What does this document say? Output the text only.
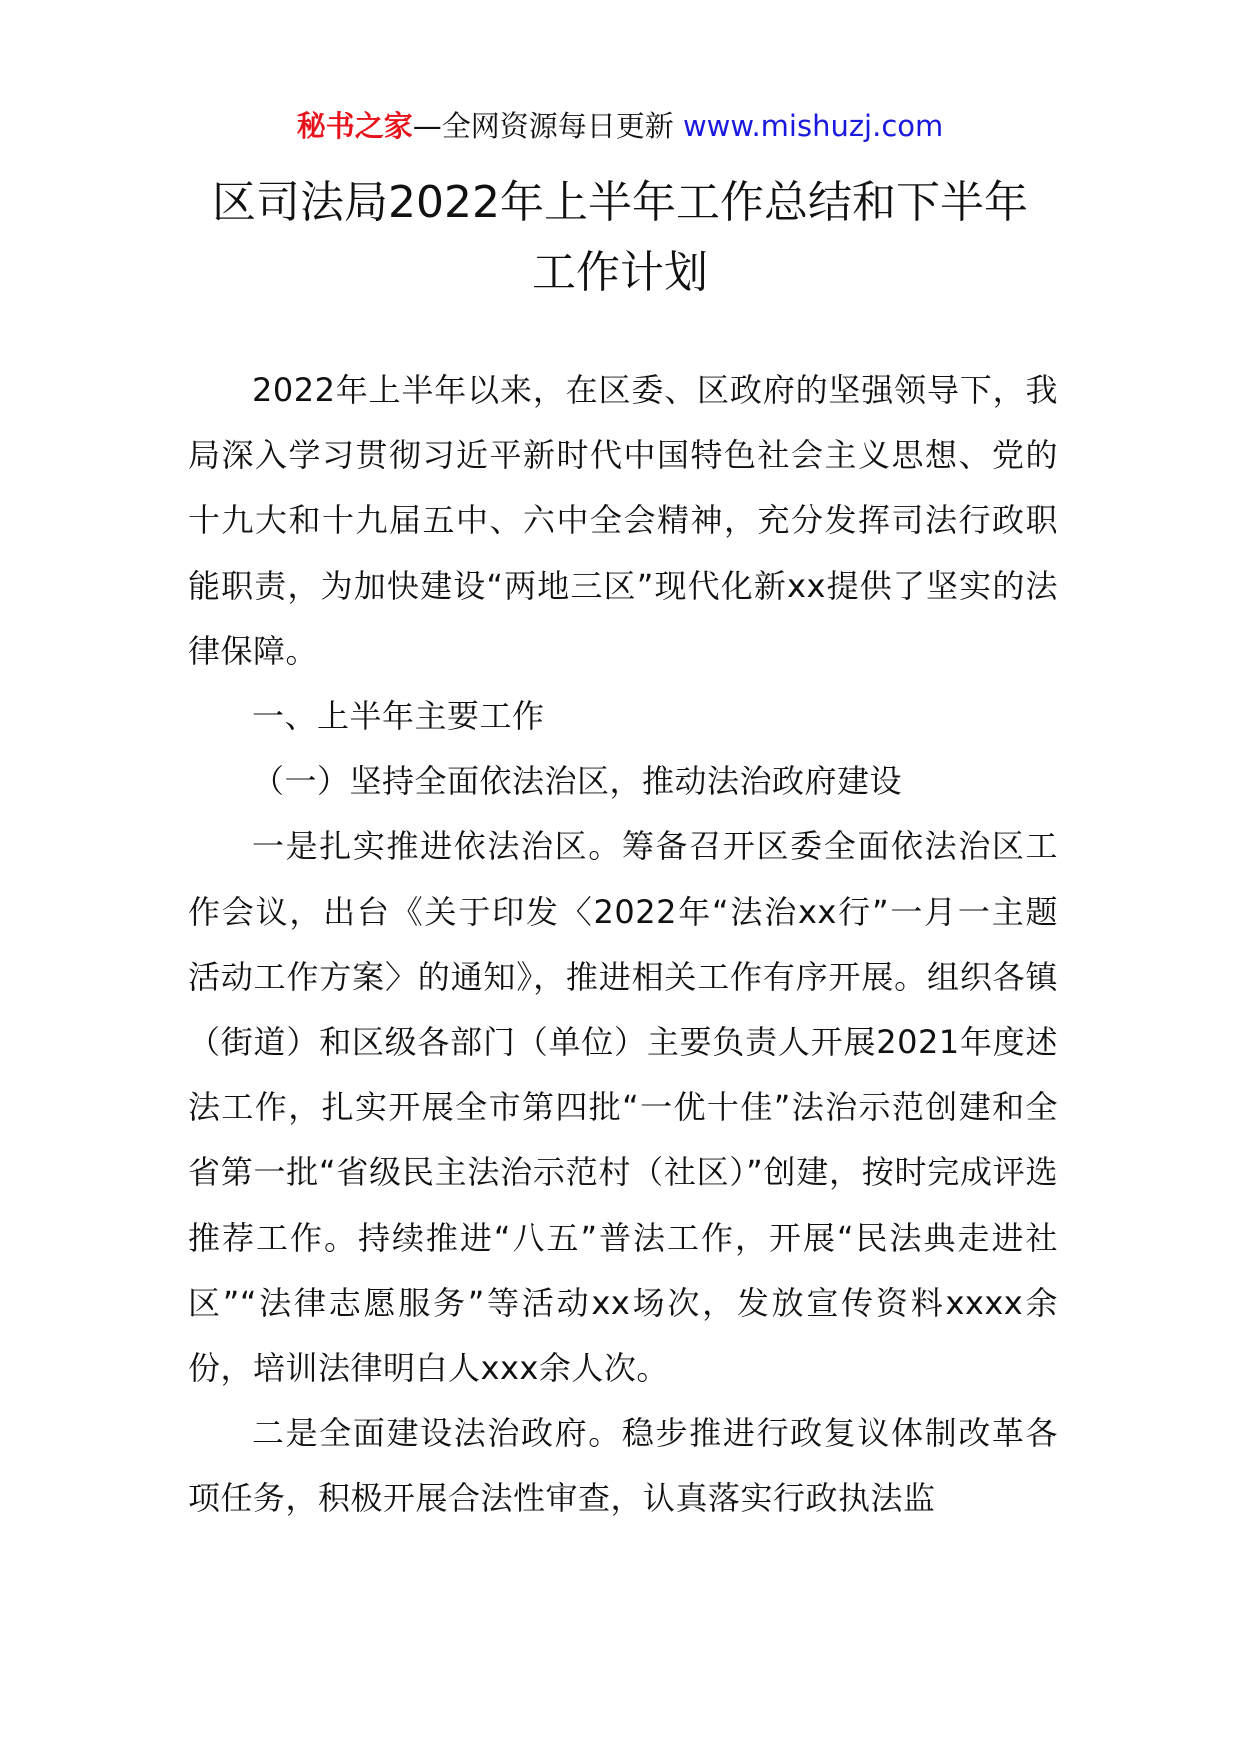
秘书之家—全网资源每日更新 www.mishuzj.com
区司法局2022年上半年工作总结和下半年
工作计划

2022年上半年以来，在区委、区政府的坚强领导下，我局深入学习贯彻习近平新时代中国特色社会主义思想、党的十九大和十九届五中、六中全会精神，充分发挥司法行政职能职责，为加快建设“两地三区”现代化新xx提供了坚实的法律保障。

一、上半年主要工作

（一）坚持全面依法治区，推动法治政府建设

一是扎实推进依法治区。筹备召开区委全面依法治区工作会议，出台《关于印发〈2022年“法治xx行”一月一主题活动工作方案〉的通知》，推进相关工作有序开展。组织各镇（街道）和区级各部门（单位）主要负责人开展2021年度述法工作，扎实开展全市第四批“一优十佳”法治示范创建和全省第一批“省级民主法治示范村（社区）”创建，按时完成评选推荐工作。持续推进“八五”普法工作，开展“民法典走进社区”“法律志愿服务”等活动xx场次，发放宣传资料xxxx余份，培训法律明白人xxx余人次。

二是全面建设法治政府。稳步推进行政复议体制改革各项任务，积极开展合法性审查，认真落实行政执法监
